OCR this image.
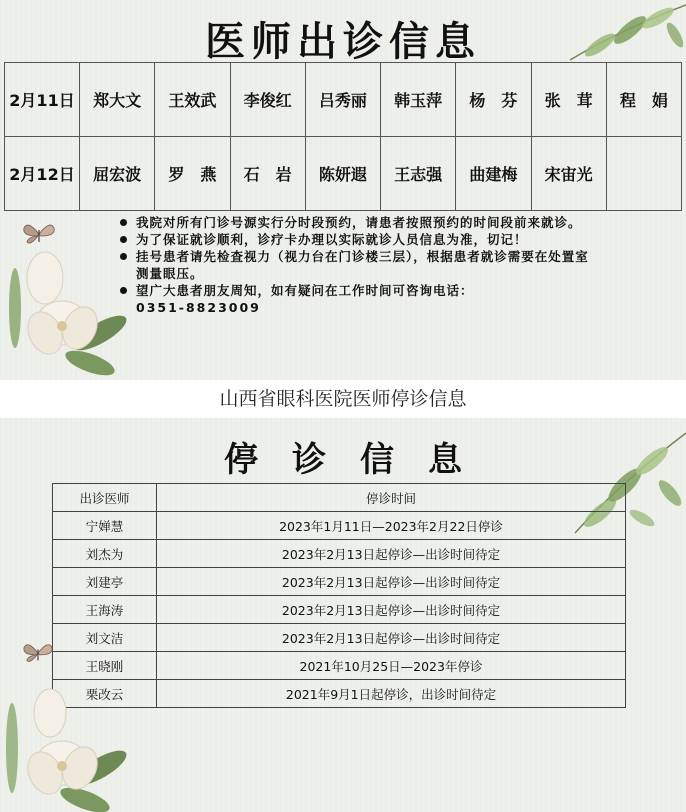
医师出诊信息
2月11日	郑大文	王效武	李俊红	吕秀丽	韩玉萍	杨　芬	张　茸	程　娟
2月12日	屈宏波	罗　燕	石　岩	陈妍遐	王志强	曲建梅	宋宙光	
我院对所有门诊号源实行分时段预约，请患者按照预约的时间段前来就诊。
为了保证就诊顺利，诊疗卡办理以实际就诊人员信息为准，切记！
挂号患者请先检查视力（视力台在门诊楼三层），根据患者就诊需要在处置室测量眼压。
望广大患者朋友周知，如有疑问在工作时间可咨询电话：
0351-8823009
山西省眼科医院医师停诊信息
停诊信息
出诊医师	停诊时间
宁婵慧	2023年1月11日—2023年2月22日停诊
刘杰为	2023年2月13日起停诊—出诊时间待定
刘建亭	2023年2月13日起停诊—出诊时间待定
王海涛	2023年2月13日起停诊—出诊时间待定
刘文洁	2023年2月13日起停诊—出诊时间待定
王晓刚	2021年10月25日—2023年停诊
栗改云	2021年9月1日起停诊，出诊时间待定
